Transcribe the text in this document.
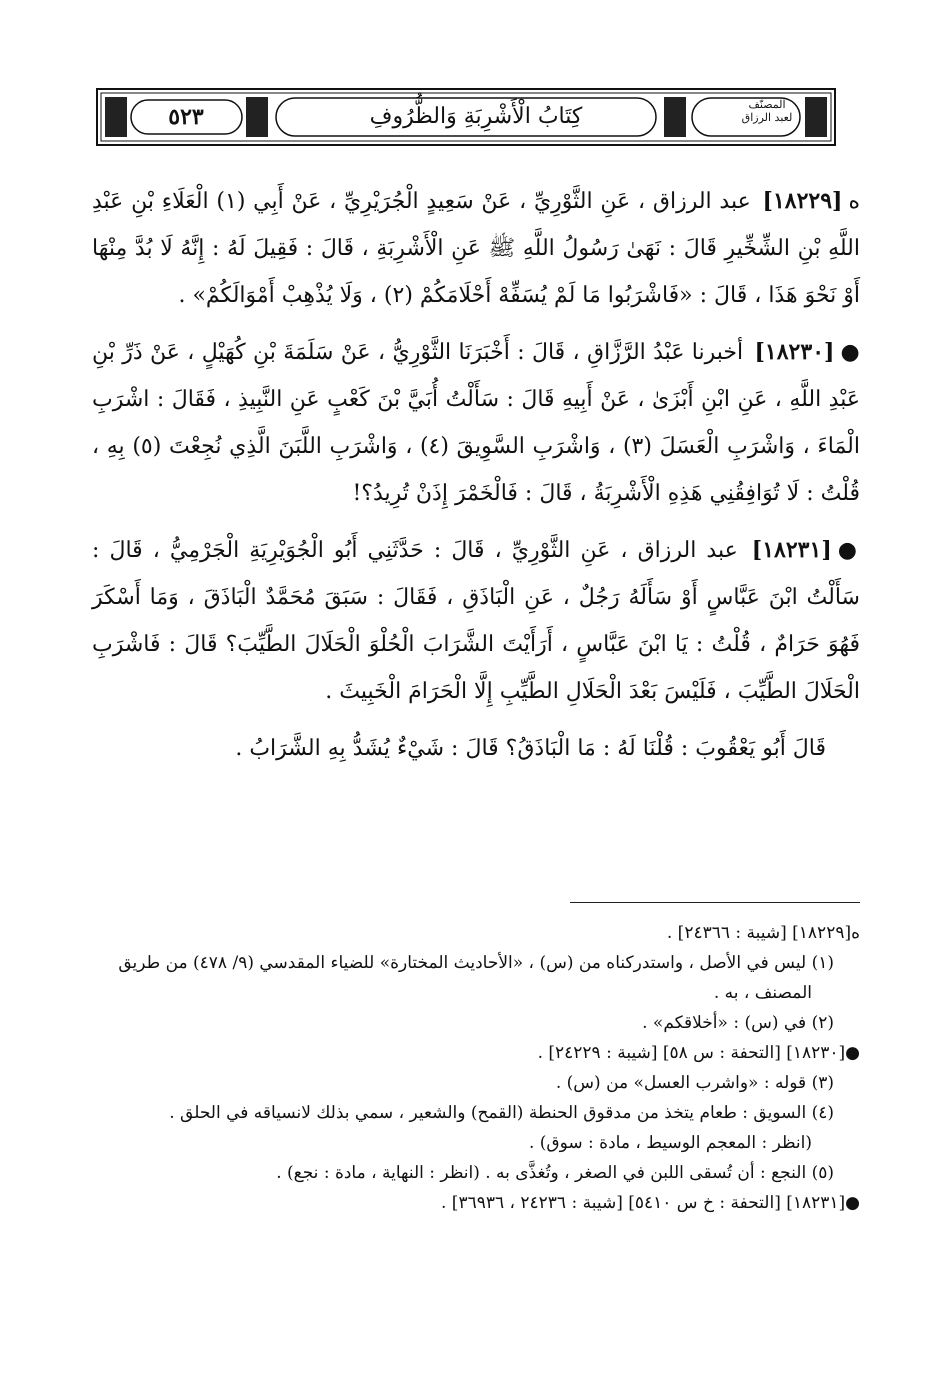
٥٢٣	كِتَابُ الْأَشْرِبَةِ وَالظُّرُوفِ	المصنّف
لعبد الرزاق

ه[١٨٢٢٩] عبد الرزاق ، عَنِ الثَّوْرِيِّ ، عَنْ سَعِيدٍ الْجُرَيْرِيِّ ، عَنْ أَبِي (١) الْعَلَاءِ بْنِ عَبْدِ اللَّهِ بْنِ الشِّخِّيرِ قَالَ : نَهَىٰ رَسُولُ اللَّهِ ﷺ عَنِ الْأَشْرِبَةِ ، قَالَ : فَقِيلَ لَهُ : إِنَّهُ لَا بُدَّ مِنْهَا أَوْ نَحْوَ هَذَا ، قَالَ : «فَاشْرَبُوا مَا لَمْ يُسَفِّهْ أَحْلَامَكُمْ (٢) ، وَلَا يُذْهِبْ أَمْوَالَكُمْ» .

●[١٨٢٣٠] أخبرنا عَبْدُ الرَّزَّاقِ ، قَالَ : أَخْبَرَنَا الثَّوْرِيُّ ، عَنْ سَلَمَةَ بْنِ كُهَيْلٍ ، عَنْ ذَرِّ بْنِ عَبْدِ اللَّهِ ، عَنِ ابْنِ أَبْزَىٰ ، عَنْ أَبِيهِ قَالَ : سَأَلْتُ أُبَيَّ بْنَ كَعْبٍ عَنِ النَّبِيذِ ، فَقَالَ : اشْرَبِ الْمَاءَ ، وَاشْرَبِ الْعَسَلَ (٣) ، وَاشْرَبِ السَّوِيقَ (٤) ، وَاشْرَبِ اللَّبَنَ الَّذِي نُجِعْتَ (٥) بِهِ ، قُلْتُ : لَا تُوَافِقُنِي هَذِهِ الْأَشْرِبَةُ ، قَالَ : فَالْخَمْرَ إِذَنْ تُرِيدُ؟!

●[١٨٢٣١] عبد الرزاق ، عَنِ الثَّوْرِيِّ ، قَالَ : حَدَّثَنِي أَبُو الْجُوَيْرِيَةِ الْجَرْمِيُّ ، قَالَ : سَأَلْتُ ابْنَ عَبَّاسٍ أَوْ سَأَلَهُ رَجُلٌ ، عَنِ الْبَاذَقِ ، فَقَالَ : سَبَقَ مُحَمَّدٌ الْبَاذَقَ ، وَمَا أَسْكَرَ فَهُوَ حَرَامٌ ، قُلْتُ : يَا ابْنَ عَبَّاسٍ ، أَرَأَيْتَ الشَّرَابَ الْحُلْوَ الْحَلَالَ الطَّيِّبَ؟ قَالَ : فَاشْرَبِ الْحَلَالَ الطَّيِّبَ ، فَلَيْسَ بَعْدَ الْحَلَالِ الطَّيِّبِ إِلَّا الْحَرَامَ الْخَبِيثَ .

قَالَ أَبُو يَعْقُوبَ : قُلْنَا لَهُ : مَا الْبَاذَقُ؟ قَالَ : شَيْءٌ يُشَدُّ بِهِ الشَّرَابُ .

ه[١٨٢٢٩] [شيبة : ٢٤٣٦٦] .

(١) ليس في الأصل ، واستدركناه من (س) ، «الأحاديث المختارة» للضياء المقدسي (٩/ ٤٧٨) من طريق

المصنف ، به .

(٢) في (س) : «أخلاقكم» .

●[١٨٢٣٠] [التحفة : س ٥٨] [شيبة : ٢٤٢٢٩] .

(٣) قوله : «واشرب العسل» من (س) .

(٤) السويق : طعام يتخذ من مدقوق الحنطة (القمح) والشعير ، سمي بذلك لانسياقه في الحلق .

(انظر : المعجم الوسيط ، مادة : سوق) .

(٥) النجع : أن تُسقى اللبن في الصغر ، وتُغذَّى به . (انظر : النهاية ، مادة : نجع) .

●[١٨٢٣١] [التحفة : خ س ٥٤١٠] [شيبة : ٢٤٢٣٦ ، ٣٦٩٣٦] .
